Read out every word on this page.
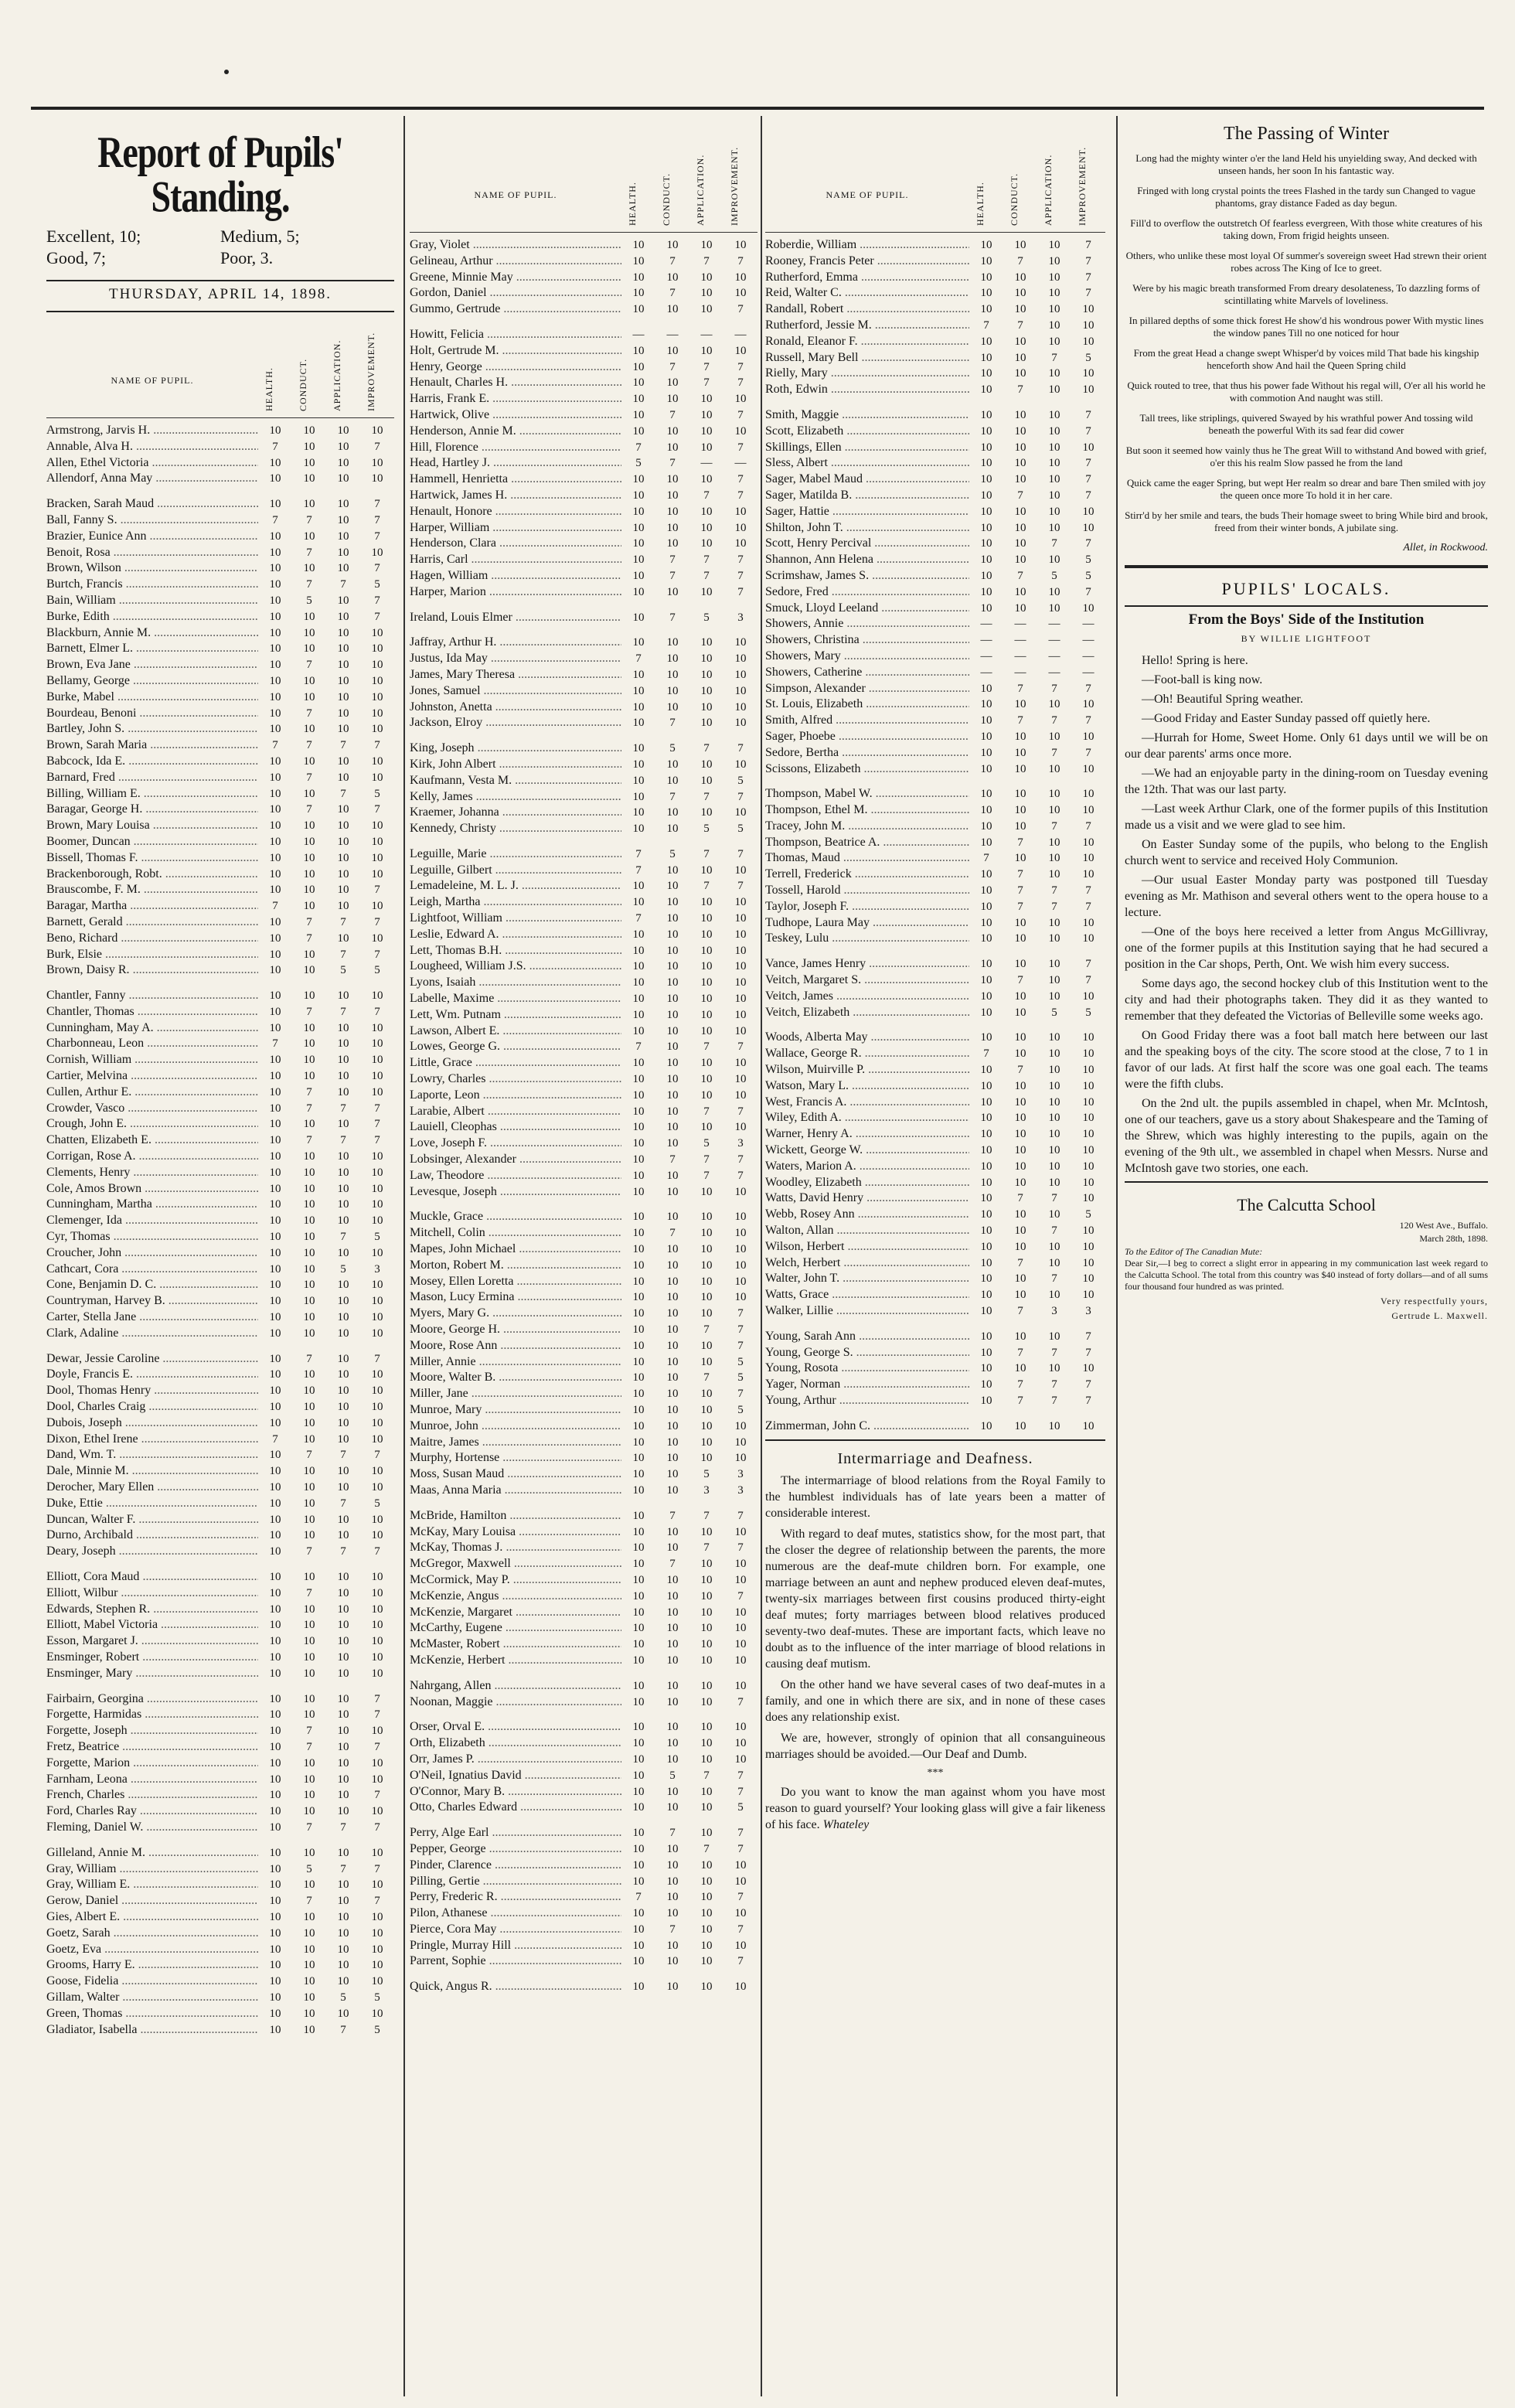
Report of Pupils' Standing.
Excellent, 10;	Medium, 5;
Good, 7;	Poor, 3.
THURSDAY, APRIL 14, 1898.
NAME OF PUPIL.	HEALTH.	CONDUCT.	APPLICATION.	IMPROVEMENT.
Armstrong, Jarvis H. .....	10	10	10	10
Annable, Alva H. .....	7	10	10	7
Allen, Ethel Victoria .....	10	10	10	10
Allendorf, Anna May .....	10	10	10	10
Bracken, Sarah Maud .....	10	10	10	7
Ball, Fanny S. .....	7	7	10	7
Brazier, Eunice Ann .....	10	10	10	7
Benoit, Rosa .....	10	7	10	10
Brown, Wilson .....	10	10	10	7
Burtch, Francis .....	10	7	7	5
Bain, William .....	10	5	10	7
Burke, Edith .....	10	10	10	7
Blackburn, Annie M. .....	10	10	10	10
Barnett, Elmer L. .....	10	10	10	10
Brown, Eva Jane .....	10	7	10	10
Bellamy, George .....	10	10	10	10
Burke, Mabel .....	10	10	10	10
Bourdeau, Benoni .....	10	7	10	10
Bartley, John S. .....	10	10	10	10
Brown, Sarah Maria .....	7	7	7	7
Babcock, Ida E. .....	10	10	10	10
Barnard, Fred .....	10	7	10	10
Billing, William E. .....	10	10	7	5
Baragar, George H. .....	10	7	10	7
Brown, Mary Louisa .....	10	10	10	10
Boomer, Duncan .....	10	10	10	10
Bissell, Thomas F. .....	10	10	10	10
Brackenborough, Robt. .....	10	10	10	10
Brauscombe, F. M. .....	10	10	10	7
Baragar, Martha .....	7	10	10	10
Barnett, Gerald .....	10	7	7	7
Beno, Richard .....	10	7	10	10
Burk, Elsie .....	10	10	7	7
Brown, Daisy R. .....	10	10	5	5
Chantler, Fanny .....	10	10	10	10
Chantler, Thomas .....	10	7	7	7
Cunningham, May A. .....	10	10	10	10
Charbonneau, Leon .....	7	10	10	10
Cornish, William .....	10	10	10	10
Cartier, Melvina .....	10	10	10	10
Cullen, Arthur E. .....	10	7	10	10
Crowder, Vasco .....	10	7	7	7
Crough, John E. .....	10	10	10	7
Chatten, Elizabeth E. .....	10	7	7	7
Corrigan, Rose A. .....	10	10	10	10
Clements, Henry .....	10	10	10	10
Cole, Amos Brown .....	10	10	10	10
Cunningham, Martha .....	10	10	10	10
Clemenger, Ida .....	10	10	10	10
Cyr, Thomas .....	10	10	7	5
Croucher, John .....	10	10	10	10
Cathcart, Cora .....	10	10	5	3
Cone, Benjamin D. C. .....	10	10	10	10
Countryman, Harvey B. .....	10	10	10	10
Carter, Stella Jane .....	10	10	10	10
Clark, Adaline .....	10	10	10	10
Dewar, Jessie Caroline .....	10	7	10	7
Doyle, Francis E. .....	10	10	10	10
Dool, Thomas Henry .....	10	10	10	10
Dool, Charles Craig .....	10	10	10	10
Dubois, Joseph .....	10	10	10	10
Dixon, Ethel Irene .....	7	10	10	10
Dand, Wm. T. .....	10	7	7	7
Dale, Minnie M. .....	10	10	10	10
Derocher, Mary Ellen .....	10	10	10	10
Duke, Ettie .....	10	10	7	5
Duncan, Walter F. .....	10	10	10	10
Durno, Archibald .....	10	10	10	10
Deary, Joseph .....	10	7	7	7
Elliott, Cora Maud .....	10	10	10	10
Elliott, Wilbur .....	10	7	10	10
Edwards, Stephen R. .....	10	10	10	10
Elliott, Mabel Victoria .....	10	10	10	10
Esson, Margaret J. .....	10	10	10	10
Ensminger, Robert .....	10	10	10	10
Ensminger, Mary .....	10	10	10	10
Fairbairn, Georgina .....	10	10	10	7
Forgette, Harmidas .....	10	10	10	7
Forgette, Joseph .....	10	7	10	10
Fretz, Beatrice .....	10	7	10	7
Forgette, Marion .....	10	10	10	10
Farnham, Leona .....	10	10	10	10
French, Charles .....	10	10	10	7
Ford, Charles Ray .....	10	10	10	10
Fleming, Daniel W. .....	10	7	7	7
Gilleland, Annie M. .....	10	10	10	10
Gray, William .....	10	5	7	7
Gray, William E. .....	10	10	10	10
Gerow, Daniel .....	10	7	10	7
Gies, Albert E. .....	10	10	10	10
Goetz, Sarah .....	10	10	10	10
Goetz, Eva .....	10	10	10	10
Grooms, Harry E. .....	10	10	10	10
Goose, Fidelia .....	10	10	10	10
Gillam, Walter .....	10	10	5	5
Green, Thomas .....	10	10	10	10
Gladiator, Isabella .....	10	10	7	5
NAME OF PUPIL.	HEALTH.	CONDUCT.	APPLICATION.	IMPROVEMENT.
Gray, Violet .....	10	10	10	10
Gelineau, Arthur .....	10	7	7	7
Greene, Minnie May .....	10	10	10	10
Gordon, Daniel .....	10	7	10	10
Gummo, Gertrude .....	10	10	10	7
Howitt, Felicia .....	—	—	—	—
Holt, Gertrude M. .....	10	10	10	10
Henry, George .....	10	7	7	7
Henault, Charles H. .....	10	10	7	7
Harris, Frank E. .....	10	10	10	10
Hartwick, Olive .....	10	7	10	7
Henderson, Annie M. .....	10	10	10	10
Hill, Florence .....	7	10	10	7
Head, Hartley J. .....	5	7	—	—
Hammell, Henrietta .....	10	10	10	7
Hartwick, James H. .....	10	10	7	7
Henault, Honore .....	10	10	10	10
Harper, William .....	10	10	10	10
Henderson, Clara .....	10	10	10	10
Harris, Carl .....	10	7	7	7
Hagen, William .....	10	7	7	7
Harper, Marion .....	10	10	10	7
Ireland, Louis Elmer .....	10	7	5	3
Jaffray, Arthur H. .....	10	10	10	10
Justus, Ida May .....	7	10	10	10
James, Mary Theresa .....	10	10	10	10
Jones, Samuel .....	10	10	10	10
Johnston, Anetta .....	10	10	10	10
Jackson, Elroy .....	10	7	10	10
King, Joseph .....	10	5	7	7
Kirk, John Albert .....	10	10	10	10
Kaufmann, Vesta M. .....	10	10	10	5
Kelly, James .....	10	7	7	7
Kraemer, Johanna .....	10	10	10	10
Kennedy, Christy .....	10	10	5	5
Leguille, Marie .....	7	5	7	7
Leguille, Gilbert .....	7	10	10	10
Lemadeleine, M. L. J. .....	10	10	7	7
Leigh, Martha .....	10	10	10	10
Lightfoot, William .....	7	10	10	10
Leslie, Edward A. .....	10	10	10	10
Lett, Thomas B.H. .....	10	10	10	10
Lougheed, William J.S. .....	10	10	10	10
Lyons, Isaiah .....	10	10	10	10
Labelle, Maxime .....	10	10	10	10
Lett, Wm. Putnam .....	10	10	10	10
Lawson, Albert E. .....	10	10	10	10
Lowes, George G. .....	7	10	7	7
Little, Grace .....	10	10	10	10
Lowry, Charles .....	10	10	10	10
Laporte, Leon .....	10	10	10	10
Larabie, Albert .....	10	10	7	7
Lauiell, Cleophas .....	10	10	10	10
Love, Joseph F. .....	10	10	5	3
Lobsinger, Alexander .....	10	7	7	7
Law, Theodore .....	10	10	7	7
Levesque, Joseph .....	10	10	10	10
Muckle, Grace .....	10	10	10	10
Mitchell, Colin .....	10	7	10	10
Mapes, John Michael .....	10	10	10	10
Morton, Robert M. .....	10	10	10	10
Mosey, Ellen Loretta .....	10	10	10	10
Mason, Lucy Ermina .....	10	10	10	10
Myers, Mary G. .....	10	10	10	7
Moore, George H. .....	10	10	7	7
Moore, Rose Ann .....	10	10	10	7
Miller, Annie .....	10	10	10	5
Moore, Walter B. .....	10	10	7	5
Miller, Jane .....	10	10	10	7
Munroe, Mary .....	10	10	10	5
Munroe, John .....	10	10	10	10
Maitre, James .....	10	10	10	10
Murphy, Hortense .....	10	10	10	10
Moss, Susan Maud .....	10	10	5	3
Maas, Anna Maria .....	10	10	3	3
McBride, Hamilton .....	10	7	7	7
McKay, Mary Louisa .....	10	10	10	10
McKay, Thomas J. .....	10	10	7	7
McGregor, Maxwell .....	10	7	10	10
McCormick, May P. .....	10	10	10	10
McKenzie, Angus .....	10	10	10	7
McKenzie, Margaret .....	10	10	10	10
McCarthy, Eugene .....	10	10	10	10
McMaster, Robert .....	10	10	10	10
McKenzie, Herbert .....	10	10	10	10
Nahrgang, Allen .....	10	10	10	10
Noonan, Maggie .....	10	10	10	7
Orser, Orval E. .....	10	10	10	10
Orth, Elizabeth .....	10	10	10	10
Orr, James P. .....	10	10	10	10
O'Neil, Ignatius David .....	10	5	7	7
O'Connor, Mary B. .....	10	10	10	7
Otto, Charles Edward .....	10	10	10	5
Perry, Alge Earl .....	10	7	10	7
Pepper, George .....	10	10	7	7
Pinder, Clarence .....	10	10	10	10
Pilling, Gertie .....	10	10	10	10
Perry, Frederic R. .....	7	10	10	7
Pilon, Athanese .....	10	10	10	10
Pierce, Cora May .....	10	7	10	7
Pringle, Murray Hill .....	10	10	10	10
Parrent, Sophie .....	10	10	10	7
Quick, Angus R. .....	10	10	10	10
NAME OF PUPIL.	HEALTH.	CONDUCT.	APPLICATION.	IMPROVEMENT.
Roberdie, William .....	10	10	10	7
Rooney, Francis Peter .....	10	7	10	7
Rutherford, Emma .....	10	10	10	7
Reid, Walter C. .....	10	10	10	7
Randall, Robert .....	10	10	10	10
Rutherford, Jessie M. .....	7	7	10	10
Ronald, Eleanor F. .....	10	10	10	10
Russell, Mary Bell .....	10	10	7	5
Rielly, Mary .....	10	10	10	10
Roth, Edwin .....	10	7	10	10
Smith, Maggie .....	10	10	10	7
Scott, Elizabeth .....	10	10	10	7
Skillings, Ellen .....	10	10	10	10
Sless, Albert .....	10	10	10	7
Sager, Mabel Maud .....	10	10	10	7
Sager, Matilda B. .....	10	7	10	7
Sager, Hattie .....	10	10	10	10
Shilton, John T. .....	10	10	10	10
Scott, Henry Percival .....	10	10	7	7
Shannon, Ann Helena .....	10	10	10	5
Scrimshaw, James S. .....	10	7	5	5
Sedore, Fred .....	10	10	10	7
Smuck, Lloyd Leeland .....	10	10	10	10
Showers, Annie .....	—	—	—	—
Showers, Christina .....	—	—	—	—
Showers, Mary .....	—	—	—	—
Showers, Catherine .....	—	—	—	—
Simpson, Alexander .....	10	7	7	7
St. Louis, Elizabeth .....	10	10	10	10
Smith, Alfred .....	10	7	7	7
Sager, Phoebe .....	10	10	10	10
Sedore, Bertha .....	10	10	7	7
Scissons, Elizabeth .....	10	10	10	10
Thompson, Mabel W. .....	10	10	10	10
Thompson, Ethel M. .....	10	10	10	10
Tracey, John M. .....	10	10	7	7
Thompson, Beatrice A. .....	10	7	10	10
Thomas, Maud .....	7	10	10	10
Terrell, Frederick .....	10	7	10	10
Tossell, Harold .....	10	7	7	7
Taylor, Joseph F. .....	10	7	7	7
Tudhope, Laura May .....	10	10	10	10
Teskey, Lulu .....	10	10	10	10
Vance, James Henry .....	10	10	10	7
Veitch, Margaret S. .....	10	7	10	7
Veitch, James .....	10	10	10	10
Veitch, Elizabeth .....	10	10	5	5
Woods, Alberta May .....	10	10	10	10
Wallace, George R. .....	7	10	10	10
Wilson, Muirville P. .....	10	7	10	10
Watson, Mary L. .....	10	10	10	10
West, Francis A. .....	10	10	10	10
Wiley, Edith A. .....	10	10	10	10
Warner, Henry A. .....	10	10	10	10
Wickett, George W. .....	10	10	10	10
Waters, Marion A. .....	10	10	10	10
Woodley, Elizabeth .....	10	10	10	10
Watts, David Henry .....	10	7	7	10
Webb, Rosey Ann .....	10	10	10	5
Walton, Allan .....	10	10	7	10
Wilson, Herbert .....	10	10	10	10
Welch, Herbert .....	10	7	10	10
Walter, John T. .....	10	10	7	10
Watts, Grace .....	10	10	10	10
Walker, Lillie .....	10	7	3	3
Young, Sarah Ann .....	10	10	10	7
Young, George S. .....	10	7	7	7
Young, Rosota .....	10	10	10	10
Yager, Norman .....	10	7	7	7
Young, Arthur .....	10	7	7	7
Zimmerman, John C. .....	10	10	10	10
Intermarriage and Deafness.

The intermarriage of blood relations from the Royal Family to the humblest individuals has of late years been a matter of considerable interest.

With regard to deaf mutes, statistics show, for the most part, that the closer the degree of relationship between the parents, the more numerous are the deaf-mute children born. For example, one marriage between an aunt and nephew produced eleven deaf-mutes, twenty-six marriages between first cousins produced thirty-eight deaf mutes; forty marriages between blood relatives produced seventy-two deaf-mutes. These are important facts, which leave no doubt as to the influence of the inter marriage of blood relations in causing deaf mutism.

On the other hand we have several cases of two deaf-mutes in a family, and one in which there are six, and in none of these cases does any relationship exist.

We are, however, strongly of opinion that all consanguineous marriages should be avoided.—Our Deaf and Dumb.

***

Do you want to know the man against whom you have most reason to guard yourself? Your looking glass will give a fair likeness of his face. Whateley

The Passing of Winter
Long had the mighty winter o'er the land Held his unyielding sway, And decked with unseen hands, her soon In his fantastic way.
Fringed with long crystal points the trees Flashed in the tardy sun Changed to vague phantoms, gray distance Faded as day begun.
Fill'd to overflow the outstretch Of fearless evergreen, With those white creatures of his taking down, From frigid heights unseen.
Others, who unlike these most loyal Of summer's sovereign sweet Had strewn their orient robes across The King of Ice to greet.
Were by his magic breath transformed From dreary desolateness, To dazzling forms of scintillating white Marvels of loveliness.
In pillared depths of some thick forest He show'd his wondrous power With mystic lines the window panes Till no one noticed for hour
From the great Head a change swept Whisper'd by voices mild That bade his kingship henceforth show And hail the Queen Spring child
Quick routed to tree, that thus his power fade Without his regal will, O'er all his world he with commotion And naught was still.
Tall trees, like striplings, quivered Swayed by his wrathful power And tossing wild beneath the powerful With its sad fear did cower
But soon it seemed how vainly thus he The great Will to withstand And bowed with grief, o'er this his realm Slow passed he from the land
Quick came the eager Spring, but wept Her realm so drear and bare Then smiled with joy the queen once more To hold it in her care.
Stirr'd by her smile and tears, the buds Their homage sweet to bring While bird and brook, freed from their winter bonds, A jubilate sing.
Allet, in Rockwood.
PUPILS' LOCALS.
From the Boys' Side of the Institution
BY WILLIE LIGHTFOOT

Hello! Spring is here.

—Foot-ball is king now.

—Oh! Beautiful Spring weather.

—Good Friday and Easter Sunday passed off quietly here.

—Hurrah for Home, Sweet Home. Only 61 days until we will be on our dear parents' arms once more.

—We had an enjoyable party in the dining-room on Tuesday evening the 12th. That was our last party.

—Last week Arthur Clark, one of the former pupils of this Institution made us a visit and we were glad to see him.

On Easter Sunday some of the pupils, who belong to the English church went to service and received Holy Communion.

—Our usual Easter Monday party was postponed till Tuesday evening as Mr. Mathison and several others went to the opera house to a lecture.

—One of the boys here received a letter from Angus McGillivray, one of the former pupils at this Institution saying that he had secured a position in the Car shops, Perth, Ont. We wish him every success.

Some days ago, the second hockey club of this Institution went to the city and had their photographs taken. They did it as they wanted to remember that they defeated the Victorias of Belleville some weeks ago.

On Good Friday there was a foot ball match here between our last and the speaking boys of the city. The score stood at the close, 7 to 1 in favor of our lads. At first half the score was one goal each. The teams were the fifth clubs.

On the 2nd ult. the pupils assembled in chapel, when Mr. McIntosh, one of our teachers, gave us a story about Shakespeare and the Taming of the Shrew, which was highly interesting to the pupils, again on the evening of the 9th ult., we assembled in chapel when Messrs. Nurse and McIntosh gave two stories, one each.

The Calcutta School
120 West Ave., Buffalo.
March 28th, 1898.
To the Editor of The Canadian Mute:
Dear Sir,—I beg to correct a slight error in appearing in my communication last week regard to the Calcutta School. The total from this country was $40 instead of forty dollars—and of all sums four thousand four hundred as was printed.
Very respectfully yours,
Gertrude L. Maxwell.
